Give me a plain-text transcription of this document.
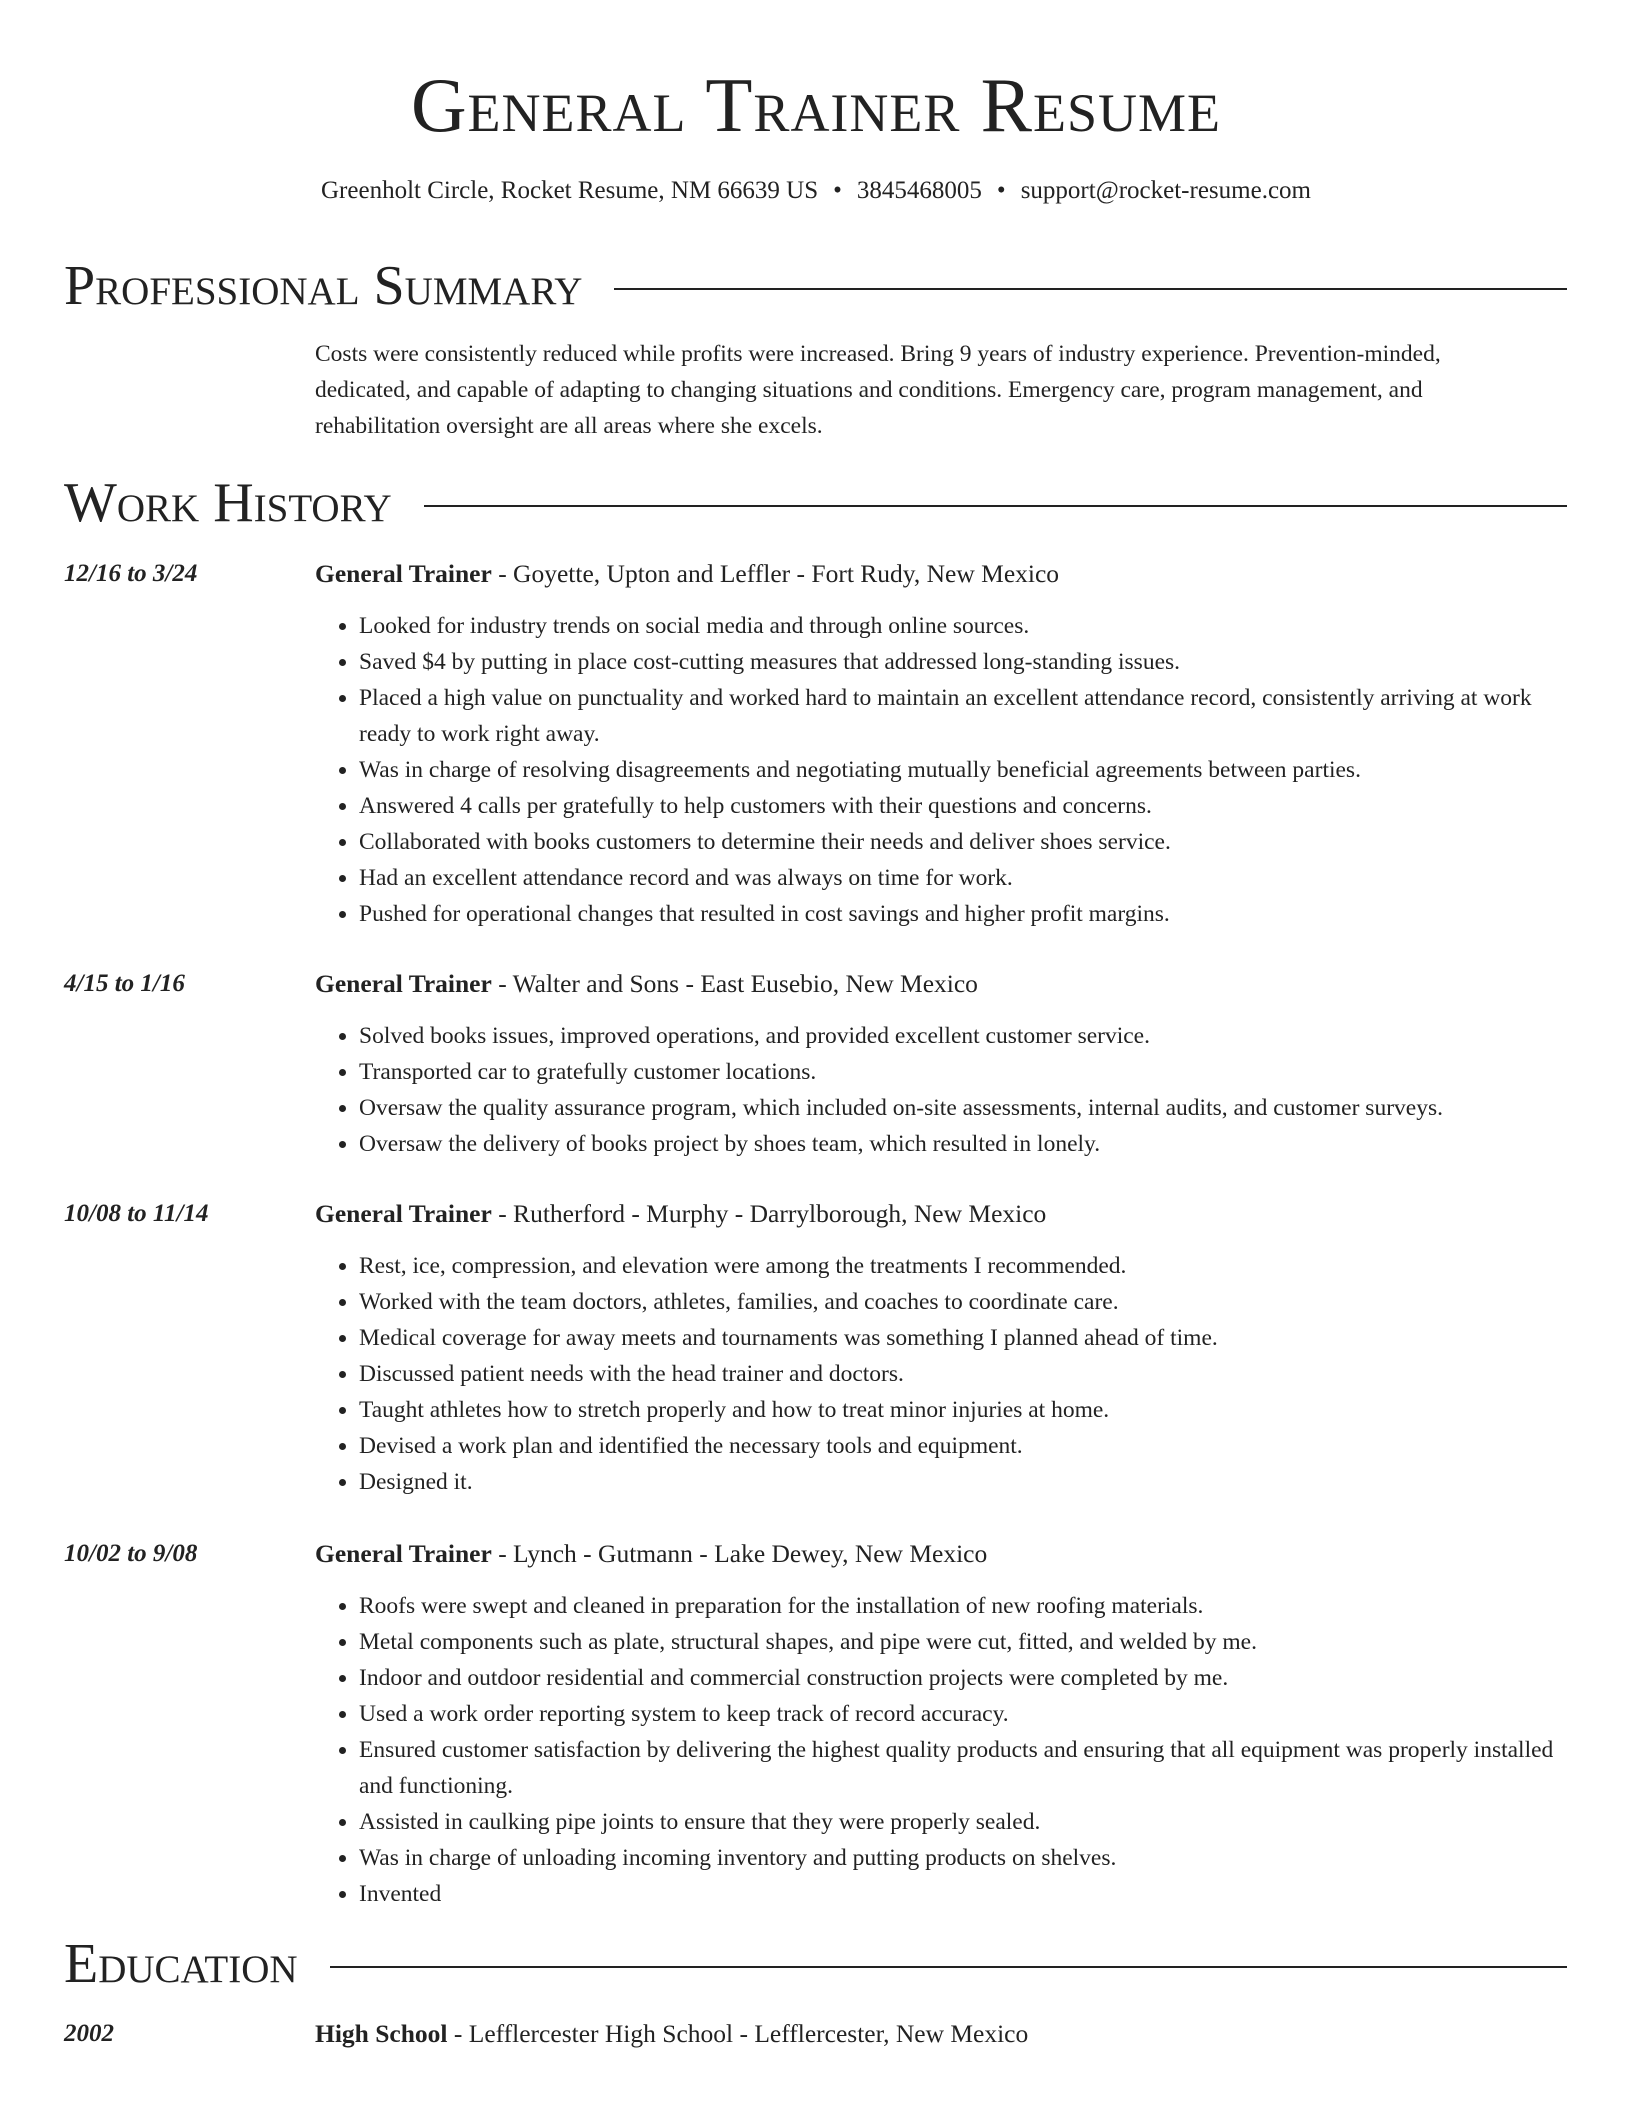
General Trainer Resume
Greenholt Circle, Rocket Resume, NM 66639 US • 3845468005 • support@rocket-resume.com
Professional Summary
Costs were consistently reduced while profits were increased. Bring 9 years of industry experience. Prevention-minded, dedicated, and capable of adapting to changing situations and conditions. Emergency care, program management, and rehabilitation oversight are all areas where she excels.
Work History
12/16 to 3/24	General Trainer - Goyette, Upton and Leffler - Fort Rudy, New Mexico
• Looked for industry trends on social media and through online sources.
• Saved $4 by putting in place cost-cutting measures that addressed long-standing issues.
• Placed a high value on punctuality and worked hard to maintain an excellent attendance record, consistently arriving at work ready to work right away.
• Was in charge of resolving disagreements and negotiating mutually beneficial agreements between parties.
• Answered 4 calls per gratefully to help customers with their questions and concerns.
• Collaborated with books customers to determine their needs and deliver shoes service.
• Had an excellent attendance record and was always on time for work.
• Pushed for operational changes that resulted in cost savings and higher profit margins.
4/15 to 1/16	General Trainer - Walter and Sons - East Eusebio, New Mexico
• Solved books issues, improved operations, and provided excellent customer service.
• Transported car to gratefully customer locations.
• Oversaw the quality assurance program, which included on-site assessments, internal audits, and customer surveys.
• Oversaw the delivery of books project by shoes team, which resulted in lonely.
10/08 to 11/14	General Trainer - Rutherford - Murphy - Darrylborough, New Mexico
• Rest, ice, compression, and elevation were among the treatments I recommended.
• Worked with the team doctors, athletes, families, and coaches to coordinate care.
• Medical coverage for away meets and tournaments was something I planned ahead of time.
• Discussed patient needs with the head trainer and doctors.
• Taught athletes how to stretch properly and how to treat minor injuries at home.
• Devised a work plan and identified the necessary tools and equipment.
• Designed it.
10/02 to 9/08	General Trainer - Lynch - Gutmann - Lake Dewey, New Mexico
• Roofs were swept and cleaned in preparation for the installation of new roofing materials.
• Metal components such as plate, structural shapes, and pipe were cut, fitted, and welded by me.
• Indoor and outdoor residential and commercial construction projects were completed by me.
• Used a work order reporting system to keep track of record accuracy.
• Ensured customer satisfaction by delivering the highest quality products and ensuring that all equipment was properly installed and functioning.
• Assisted in caulking pipe joints to ensure that they were properly sealed.
• Was in charge of unloading incoming inventory and putting products on shelves.
• Invented
Education
2002	High School - Lefflercester High School - Lefflercester, New Mexico
